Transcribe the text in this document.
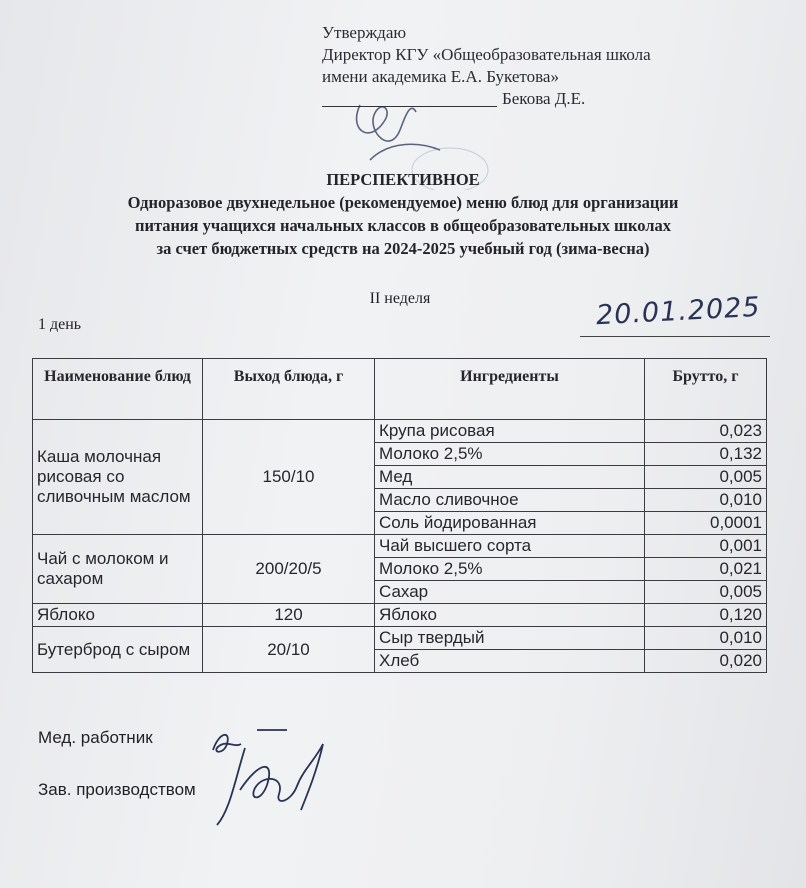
Утверждаю
Директор КГУ «Общеобразовательная школа
имени академика Е.А. Букетова»
Бекова Д.Е.
ПЕРСПЕКТИВНОЕ
Одноразовое двухнедельное (рекомендуемое) меню блюд для организации
питания учащихся начальных классов в общеобразовательных школах
за счет бюджетных средств на 2024-2025 учебный год (зима-весна)
II неделя
1 день	20.01.2025
Наименование блюд	Выход блюда, г	Ингредиенты	Брутто, г
Каша молочная рисовая со сливочным маслом	150/10	Крупа рисовая	0,023
		Молоко 2,5%	0,132
		Мед	0,005
		Масло сливочное	0,010
		Соль йодированная	0,0001
Чай с молоком и сахаром	200/20/5	Чай высшего сорта	0,001
		Молоко 2,5%	0,021
		Сахар	0,005
Яблоко	120	Яблоко	0,120
Бутерброд с сыром	20/10	Сыр твердый	0,010
		Хлеб	0,020
Мед. работник
Зав. производством
